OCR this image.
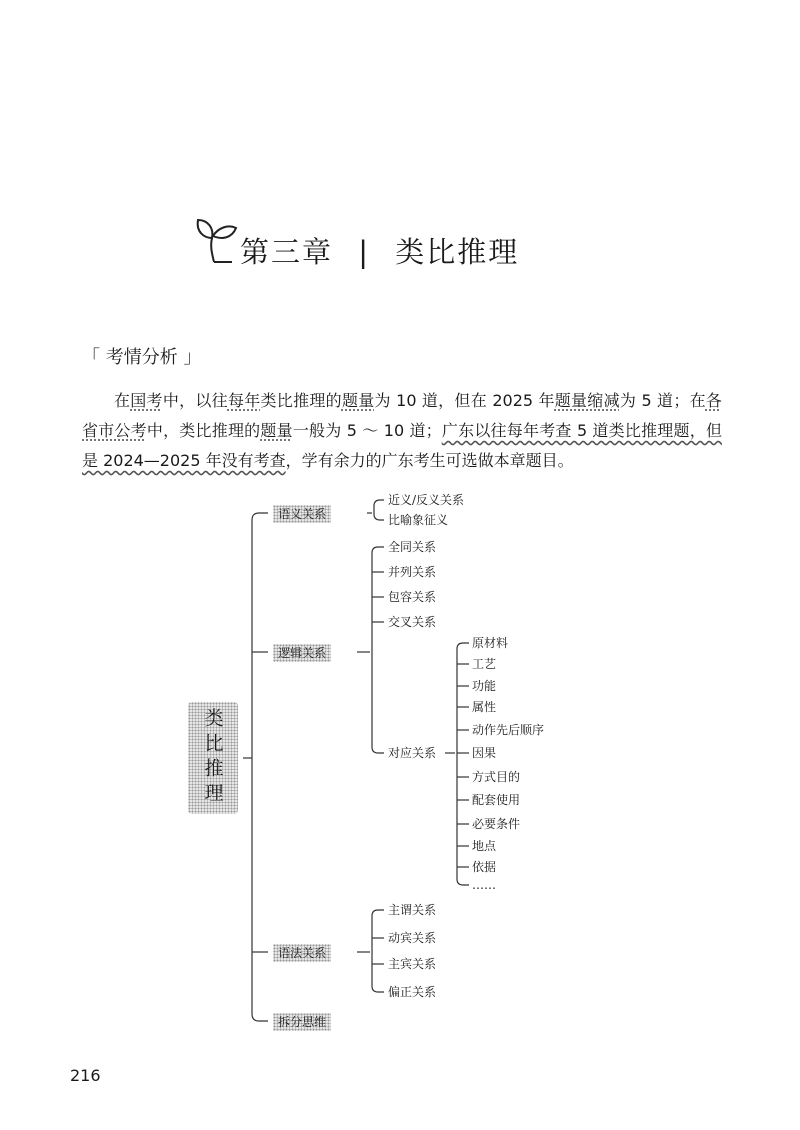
第三章 | 类比推理
「 考情分析 」

在国考中，以往每年类比推理的题量为 10 道，但在 2025 年题量缩减为 5 道；在各省市公考中，类比推理的题量一般为 5 ～ 10 道；广东以往每年考查 5 道类比推理题，但是 2024—2025 年没有考查，学有余力的广东考生可选做本章题目。

类比推理
语义关系
逻辑关系
语法关系
拆分思维
近义/反义关系
比喻象征义
全同关系
并列关系
包容关系
交叉关系
对应关系
原材料
工艺
功能
属性
动作先后顺序
因果
方式目的
配套使用
必要条件
地点
依据
……
主谓关系
动宾关系
主宾关系
偏正关系
216
